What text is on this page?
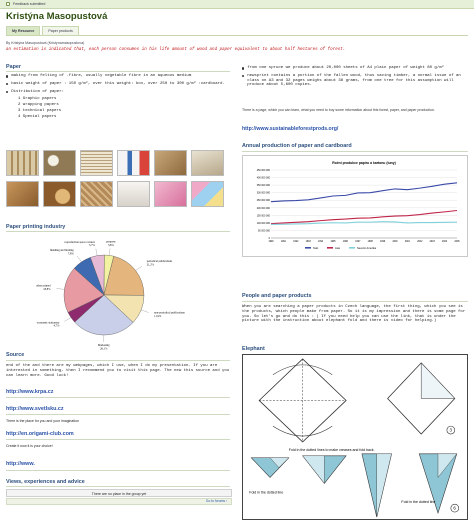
Feedback submitted
Kristýna Masopustová
My Resource	Paper products
By Kristýna Masopustová (Kristynamasopustova)
an estimation is indicated that, each person consumes in his life amount of wood and paper equivalent to about half hectares of forest.
Paper
making from felting of .fibre, usually vegetable fibre in an aqueous medium
basic weight of paper : 150 g/m², over this weight: box, over 250 to 300 g/m² :cardboard.
Distribution of paper:
1 Graphic papers
2 wrapping papers
3 technical papers
4 Special papers
from one spruce we produce about 20,000 sheets of A4 plain paper of weight 80 g/m²
newsprint contains a portion of the fallen wood, thus saving timber, a normal issue of an class on A3 and 32 pages weighs about 38 grams, from one tree for this assumption will produce about 5,600 copies.
There is a page, which you can learn, what you need to buy some information about this forest, paper, and paper production.
http://www.sustainableforestprods.org/
Paper printing industry
reproduction space carriers
5,7%
prepress
3,8%
periodical publications
21,2%
non-periodical publications
11,9%
Marketing
26,1%
economic stationery
4,7%
other printed
18,8%
finishing and binding
7,8%
Annual production of paper and cardboard
Roční produkce papíru a kartonu (tuny)
0
50 000 000
100 000 000
150 000 000
200 000 000
250 000 000
300 000 000
350 000 000
400 000 000
450 000 000
1990	1991	1992	1993	1994	1995	1996	1997	1998	1999	2000	2001	2002	2003	2004	2005
Svět	Asie	Severní Amerika
Source
end of the and there are my webpages, which I use, when I do my presentation. If you are interested in something, then I recommend you to visit this page. The new this source and you can learn more. Good luck!
http://www.krpa.cz
http://www.svetlsku.cz
There is the place for you and your imagination
http://en.origami-club.com
Create it now it is your choice!
http://www.
Views, experiences and advice
There are no place in the group yet
Go to forums ›
People and paper products
When you are searching a paper products in Czech language, the first thing, which you see is the products, which people make from paper. So it is my impression and there is some page for you. So let's go and do this : ( If you need help you can use the link, that is under the picture with the instruction about elephant fold and there is video for helping.)
Elephant
Fold in the dotted lines to make creases and fold back.
3
Fold in the dotted line
Fold in the dotted line
6
